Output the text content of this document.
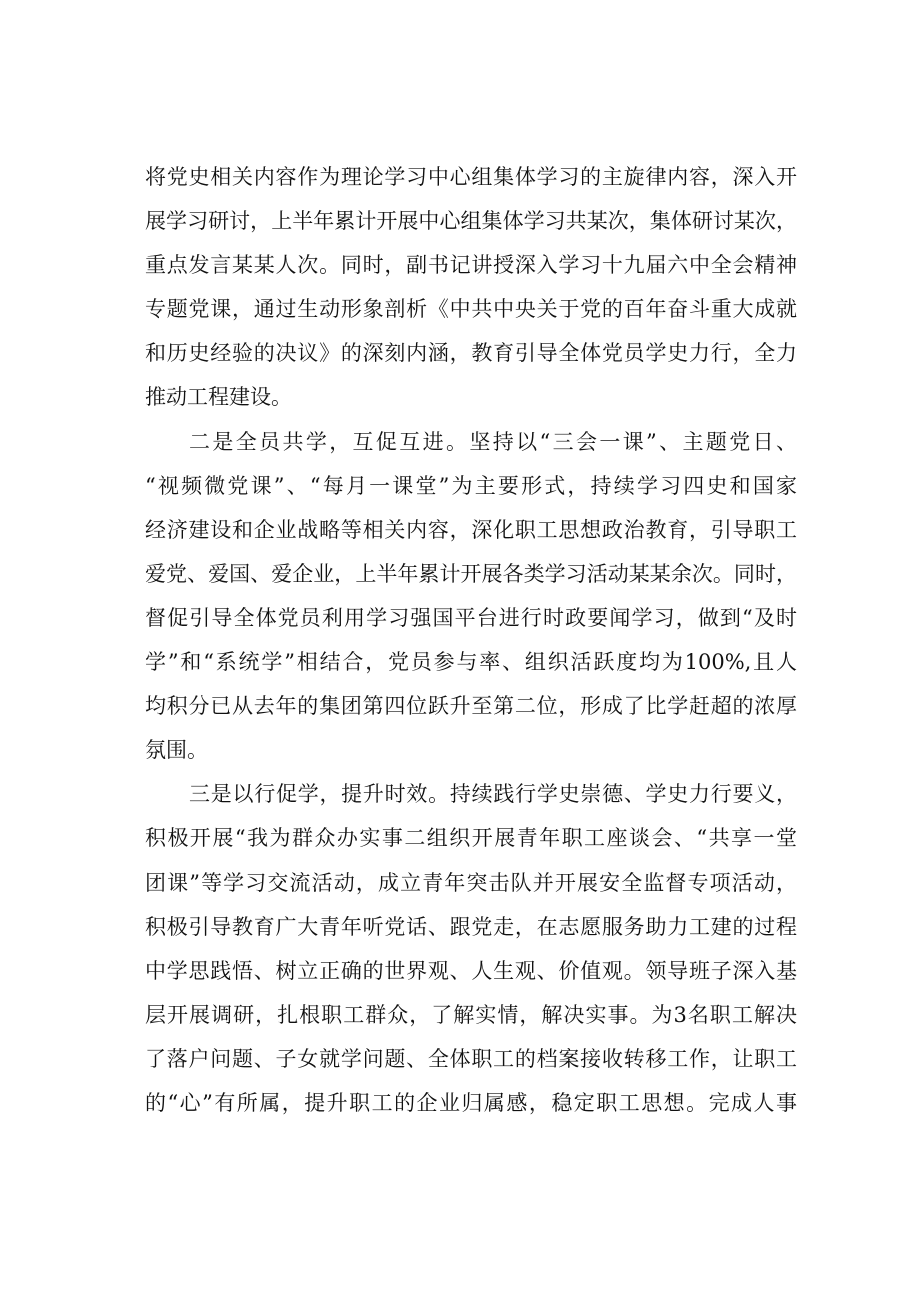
将党史相关内容作为理论学习中心组集体学习的主旋律内容，深入开
展学习研讨，上半年累计开展中心组集体学习共某次，集体研讨某次，
重点发言某某人次。同时，副书记讲授深入学习十九届六中全会精神
专题党课，通过生动形象剖析《中共中央关于党的百年奋斗重大成就
和历史经验的决议》的深刻内涵，教育引导全体党员学史力行，全力
推动工程建设。
二是全员共学，互促互进。坚持以“三会一课”、主题党日、
“视频微党课”、“每月一课堂”为主要形式，持续学习四史和国家
经济建设和企业战略等相关内容，深化职工思想政治教育，引导职工
爱党、爱国、爱企业，上半年累计开展各类学习活动某某余次。同时，
督促引导全体党员利用学习强国平台进行时政要闻学习，做到“及时
学”和“系统学”相结合，党员参与率、组织活跃度均为100%,且人
均积分已从去年的集团第四位跃升至第二位，形成了比学赶超的浓厚
氛围。
三是以行促学，提升时效。持续践行学史崇德、学史力行要义，
积极开展“我为群众办实事二组织开展青年职工座谈会、“共享一堂
团课”等学习交流活动，成立青年突击队并开展安全监督专项活动，
积极引导教育广大青年听党话、跟党走，在志愿服务助力工建的过程
中学思践悟、树立正确的世界观、人生观、价值观。领导班子深入基
层开展调研，扎根职工群众，了解实情，解决实事。为3名职工解决
了落户问题、子女就学问题、全体职工的档案接收转移工作，让职工
的“心”有所属，提升职工的企业归属感，稳定职工思想。完成人事
